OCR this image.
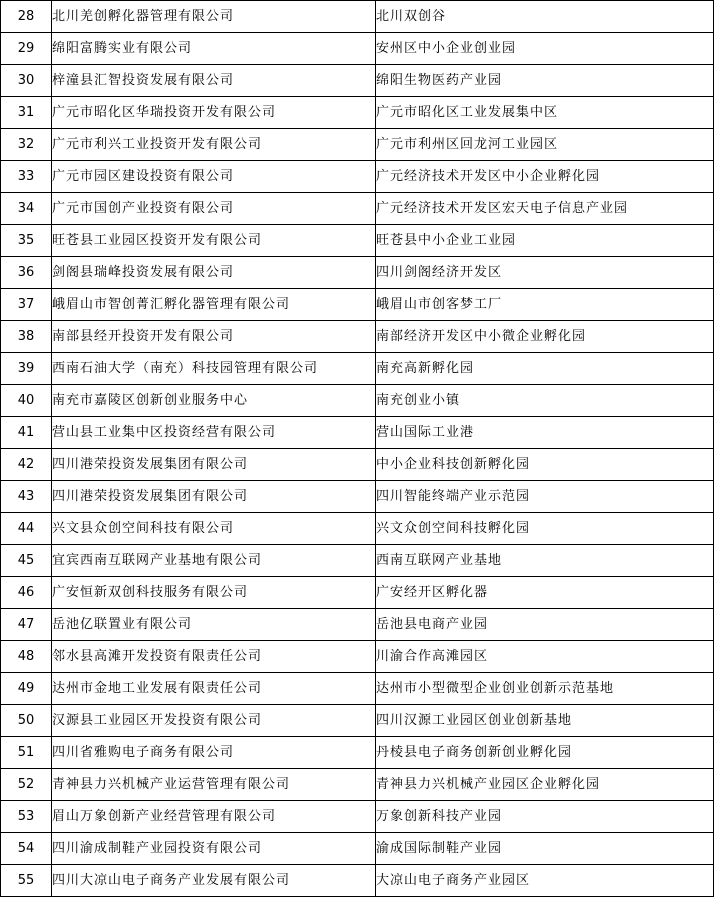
28	北川羌创孵化器管理有限公司	北川双创谷
29	绵阳富腾实业有限公司	安州区中小企业创业园
30	梓潼县汇智投资发展有限公司	绵阳生物医药产业园
31	广元市昭化区华瑞投资开发有限公司	广元市昭化区工业发展集中区
32	广元市利兴工业投资开发有限公司	广元市利州区回龙河工业园区
33	广元市园区建设投资有限公司	广元经济技术开发区中小企业孵化园
34	广元市国创产业投资有限公司	广元经济技术开发区宏天电子信息产业园
35	旺苍县工业园区投资开发有限公司	旺苍县中小企业工业园
36	剑阁县瑞峰投资发展有限公司	四川剑阁经济开发区
37	峨眉山市智创菁汇孵化器管理有限公司	峨眉山市创客梦工厂
38	南部县经开投资开发有限公司	南部经济开发区中小微企业孵化园
39	西南石油大学（南充）科技园管理有限公司	南充高新孵化园
40	南充市嘉陵区创新创业服务中心	南充创业小镇
41	营山县工业集中区投资经营有限公司	营山国际工业港
42	四川港荣投资发展集团有限公司	中小企业科技创新孵化园
43	四川港荣投资发展集团有限公司	四川智能终端产业示范园
44	兴文县众创空间科技有限公司	兴文众创空间科技孵化园
45	宜宾西南互联网产业基地有限公司	西南互联网产业基地
46	广安恒新双创科技服务有限公司	广安经开区孵化器
47	岳池亿联置业有限公司	岳池县电商产业园
48	邻水县高滩开发投资有限责任公司	川渝合作高滩园区
49	达州市金地工业发展有限责任公司	达州市小型微型企业创业创新示范基地
50	汉源县工业园区开发投资有限公司	四川汉源工业园区创业创新基地
51	四川省雅购电子商务有限公司	丹棱县电子商务创新创业孵化园
52	青神县力兴机械产业运营管理有限公司	青神县力兴机械产业园区企业孵化园
53	眉山万象创新产业经营管理有限公司	万象创新科技产业园
54	四川渝成制鞋产业园投资有限公司	渝成国际制鞋产业园
55	四川大凉山电子商务产业发展有限公司	大凉山电子商务产业园区
